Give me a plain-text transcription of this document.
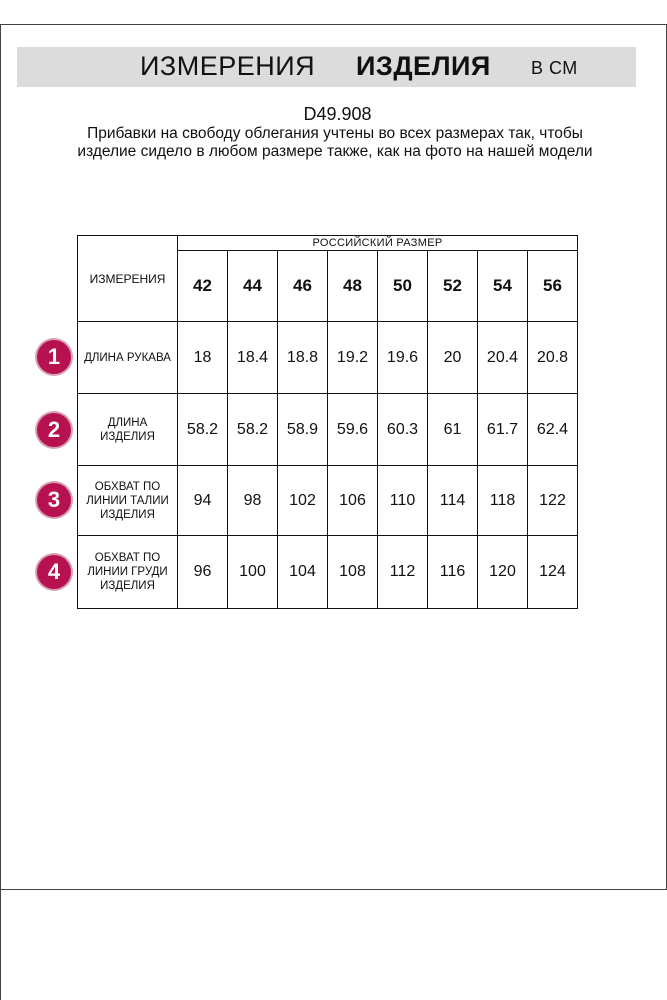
ИЗМЕРЕНИЯ ИЗДЕЛИЯ В СМ
D49.908
Прибавки на свободу облегания учтены во всех размерах так, чтобы изделие сидело в любом размере также, как на фото на нашей модели
ИЗМЕРЕНИЯ	РОССИЙСКИЙ РАЗМЕР							
	42	44	46	48	50	52	54	56
ДЛИНА РУКАВА	18	18.4	18.8	19.2	19.6	20	20.4	20.8
ДЛИНА ИЗДЕЛИЯ	58.2	58.2	58.9	59.6	60.3	61	61.7	62.4
ОБХВАТ ПО ЛИНИИ ТАЛИИ ИЗДЕЛИЯ	94	98	102	106	110	114	118	122
ОБХВАТ ПО ЛИНИИ ГРУДИ ИЗДЕЛИЯ	96	100	104	108	112	116	120	124
1
2
3
4
